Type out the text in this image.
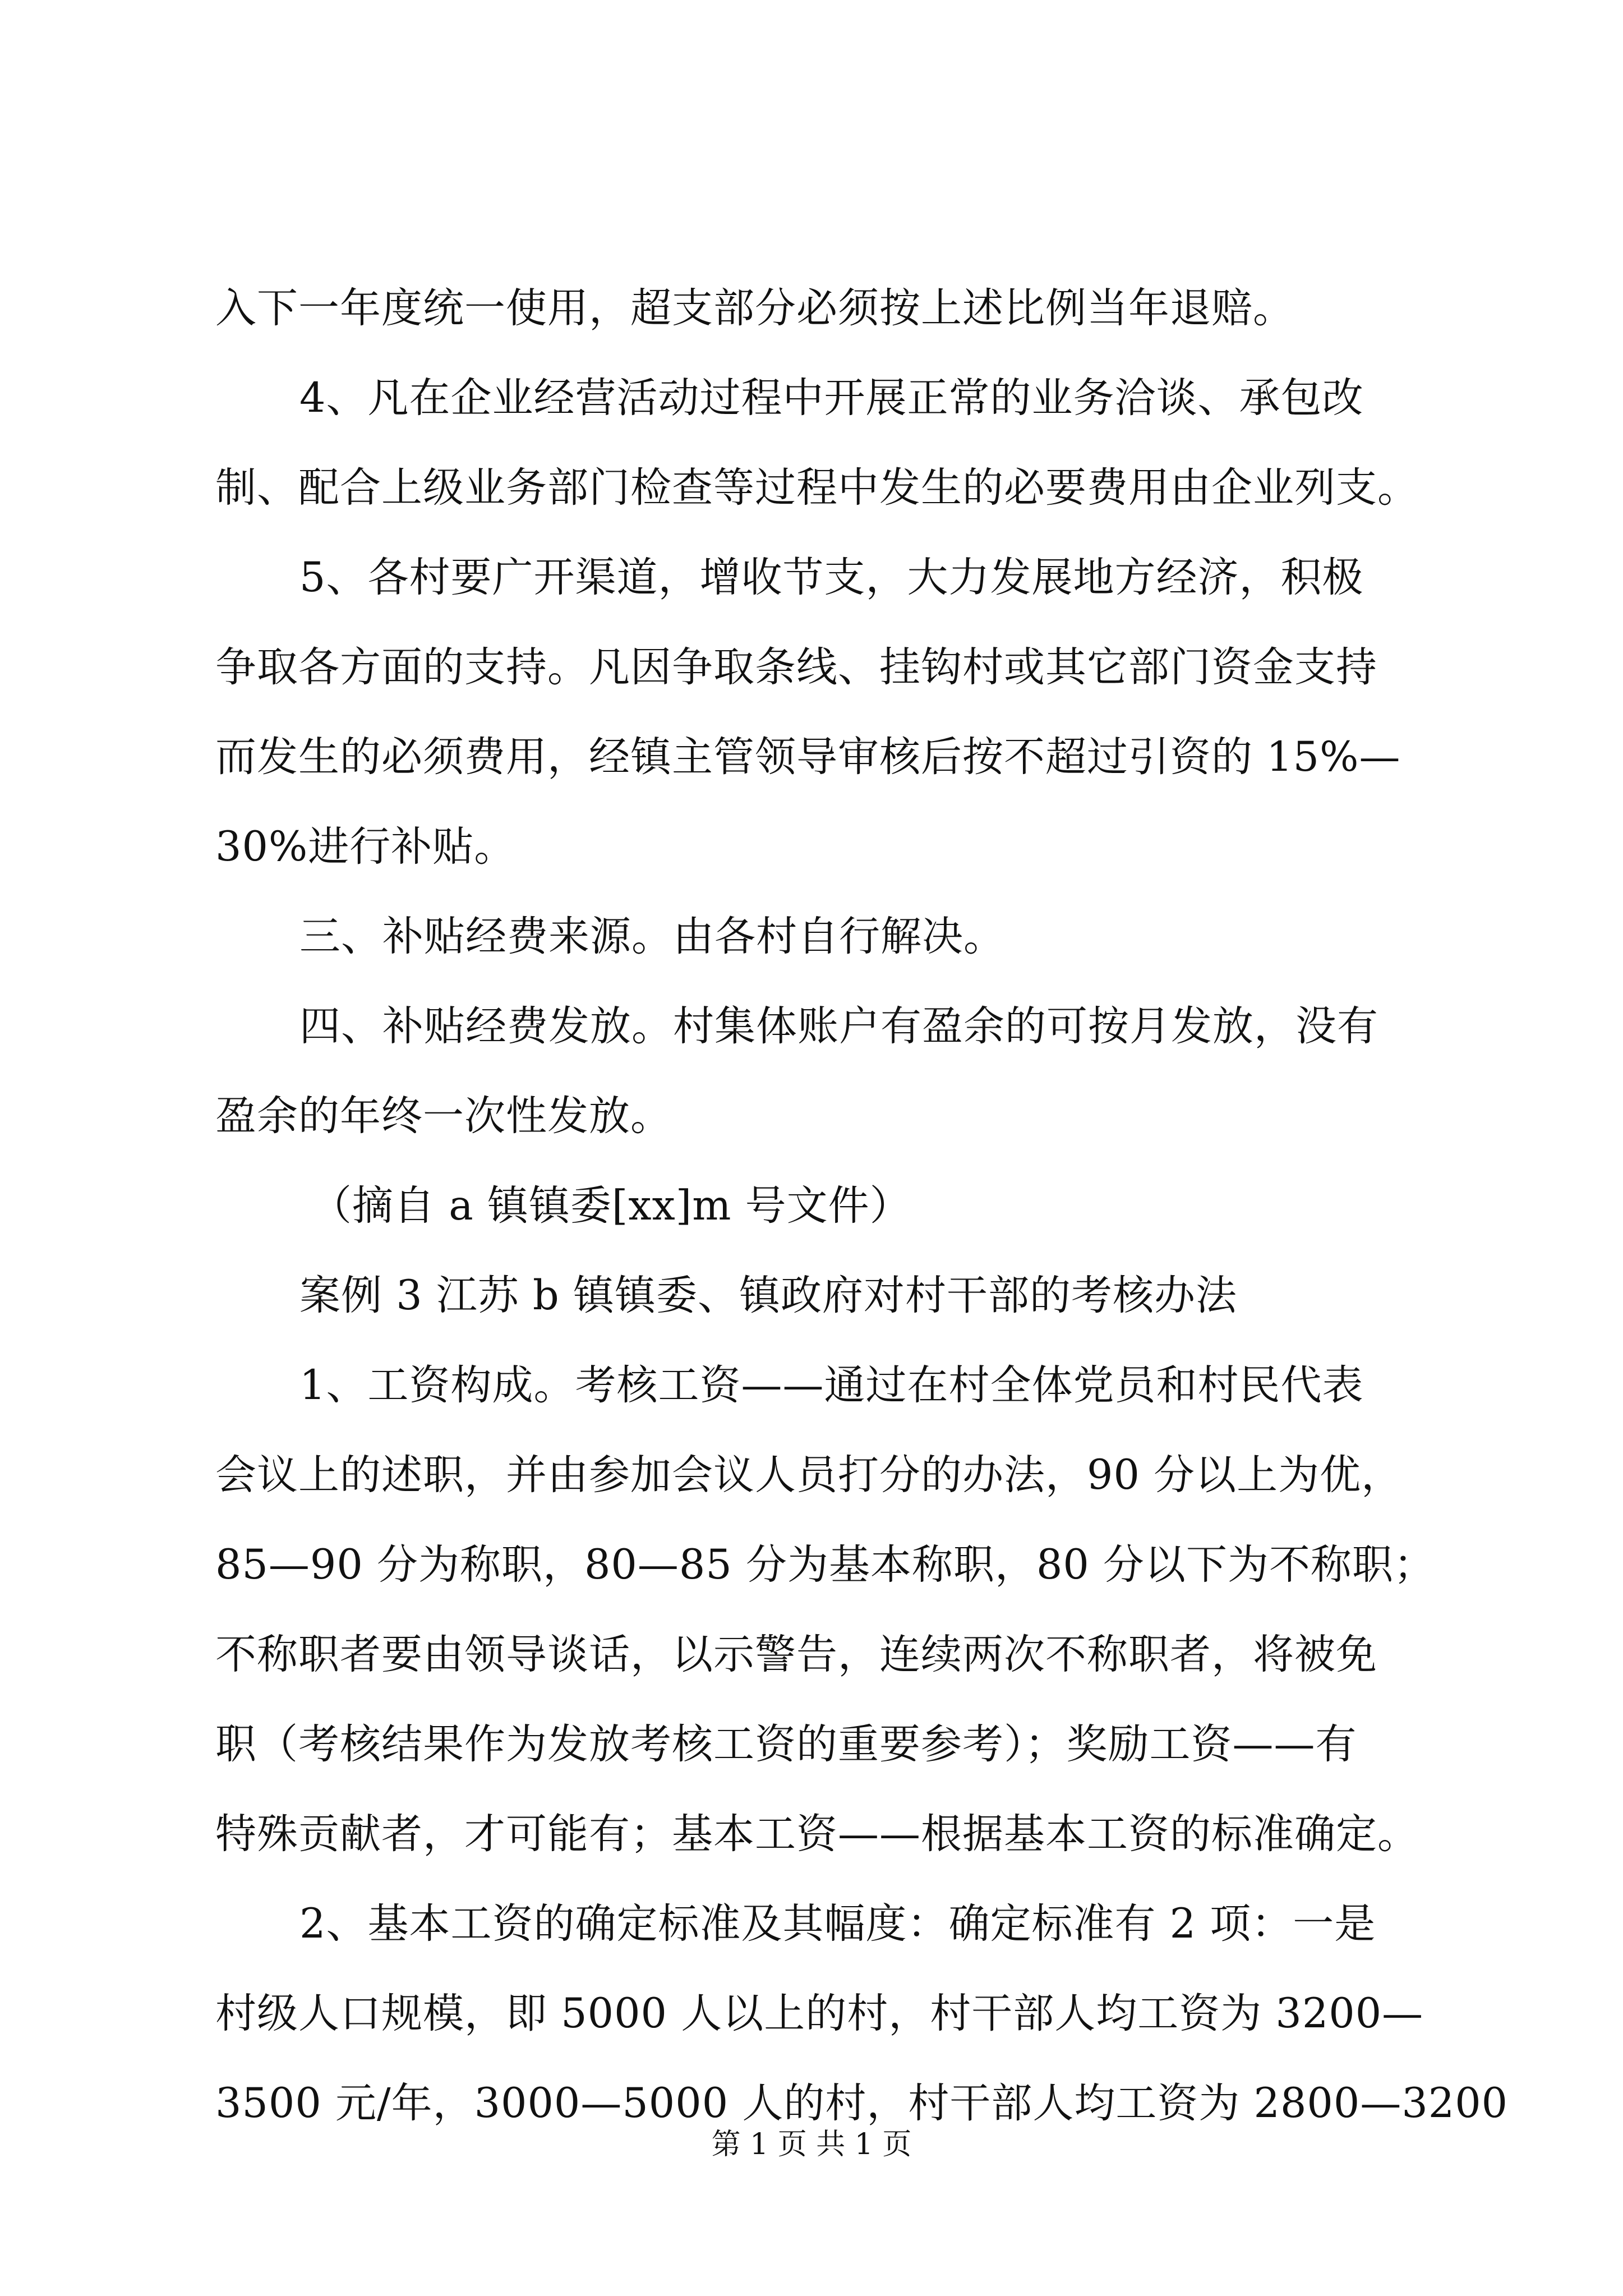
入下一年度统一使用，超支部分必须按上述比例当年退赔。
4、凡在企业经营活动过程中开展正常的业务洽谈、承包改
制、配合上级业务部门检查等过程中发生的必要费用由企业列支。
5、各村要广开渠道，增收节支，大力发展地方经济，积极
争取各方面的支持。凡因争取条线、挂钩村或其它部门资金支持
而发生的必须费用，经镇主管领导审核后按不超过引资的 15%—
30%进行补贴。
三、补贴经费来源。由各村自行解决。
四、补贴经费发放。村集体账户有盈余的可按月发放，没有
盈余的年终一次性发放。
（摘自 a 镇镇委[xx]m 号文件）
案例 3 江苏 b 镇镇委、镇政府对村干部的考核办法
1、工资构成。考核工资——通过在村全体党员和村民代表
会议上的述职，并由参加会议人员打分的办法，90 分以上为优，
85—90 分为称职，80—85 分为基本称职，80 分以下为不称职；
不称职者要由领导谈话，以示警告，连续两次不称职者，将被免
职（考核结果作为发放考核工资的重要参考）；奖励工资——有
特殊贡献者，才可能有；基本工资——根据基本工资的标准确定。
2、基本工资的确定标准及其幅度：确定标准有 2 项：一是
村级人口规模，即 5000 人以上的村，村干部人均工资为 3200—
3500 元/年，3000—5000 人的村，村干部人均工资为 2800—3200
第 1 页 共 1 页
